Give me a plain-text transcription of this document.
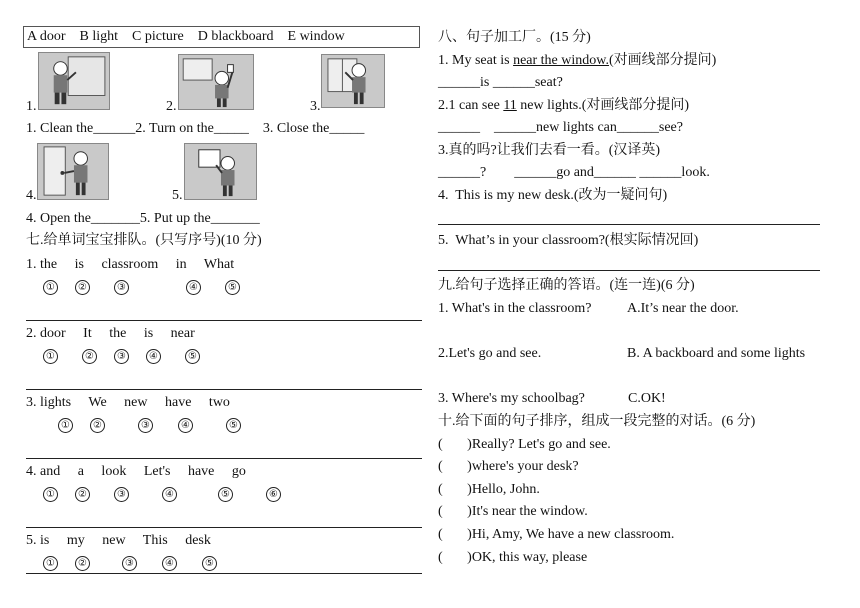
A door    B light    C picture    D blackboard    E window
1.	2.	3.
1. Clean the______2. Turn on the_____    3. Close the_____
4.	5.
4. Open the_______5. Put up the_______
七.给单词宝宝排队。(只写序号)(10 分)
1. the     is     classroom     in     What
①	②	③	④	⑤
2. door     It     the     is     near
①	②	③	④	⑤
3. lights     We     new     have     two
①	②	③	④	⑤
4. and     a     look     Let's     have     go
①	②	③	④	⑤	⑥
5. is     my     new     This     desk
①	②	③	④	⑤
八、句子加工厂。(15 分)
1. My seat is near the window.(对画线部分提问)
______is ______seat?
2.1 can see 11 new lights.(对画线部分提问)
______    ______new lights can______see?
3.真的吗?让我们去看一看。(汉译英)
______?        ______go and______ ______look.
4.  This is my new desk.(改为一疑问句)
5.  What’s in your classroom?(根实际情况回)
九.给句子选择正确的答语。(连一连)(6 分)
1. What's in the classroom?	A.It’s near the door.
2.Let's go and see.	B. A backboard and some lights
3. Where's my schoolbag?	C.OK!
十.给下面的句子排序，组成一段完整的对话。(6 分)
(       )Really? Let's go and see.
(       )where's your desk?
(       )Hello, John.
(       )It's near the window.
(       )Hi, Amy, We have a new classroom.
(       )OK, this way, please
